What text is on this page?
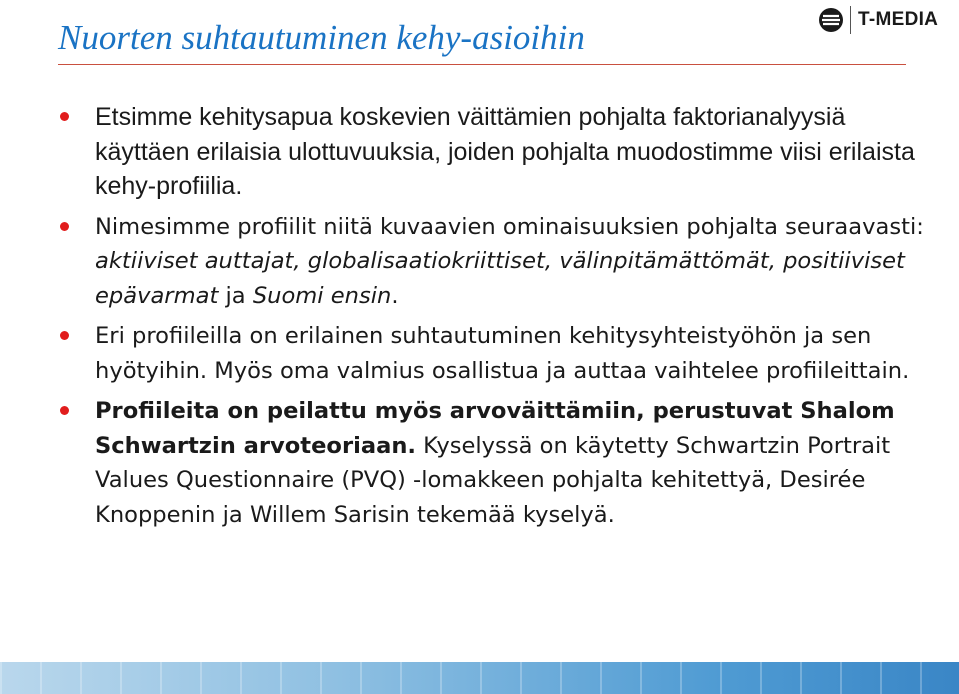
Nuorten suhtautuminen kehy-asioihin	T-MEDIA

Etsimme kehitysapua koskevien väittämien pohjalta faktorianalyysiä käyttäen erilaisia ulottuvuuksia, joiden pohjalta muodostimme viisi erilaista kehy-profiilia.

Nimesimme profiilit niitä kuvaavien ominaisuuksien pohjalta seuraavasti: aktiiviset auttajat, globalisaatiokriittiset, välinpitämättömät, positiiviset epävarmat ja Suomi ensin.

Eri profiileilla on erilainen suhtautuminen kehitysyhteistyöhön ja sen hyötyihin. Myös oma valmius osallistua ja auttaa vaihtelee profiileittain.

Profiileita on peilattu myös arvoväittämiin, perustuvat Shalom Schwartzin arvoteoriaan. Kyselyssä on käytetty Schwartzin Portrait Values Questionnaire (PVQ) -lomakkeen pohjalta kehitettyä, Desirée Knoppenin ja Willem Sarisin tekemää kyselyä.
